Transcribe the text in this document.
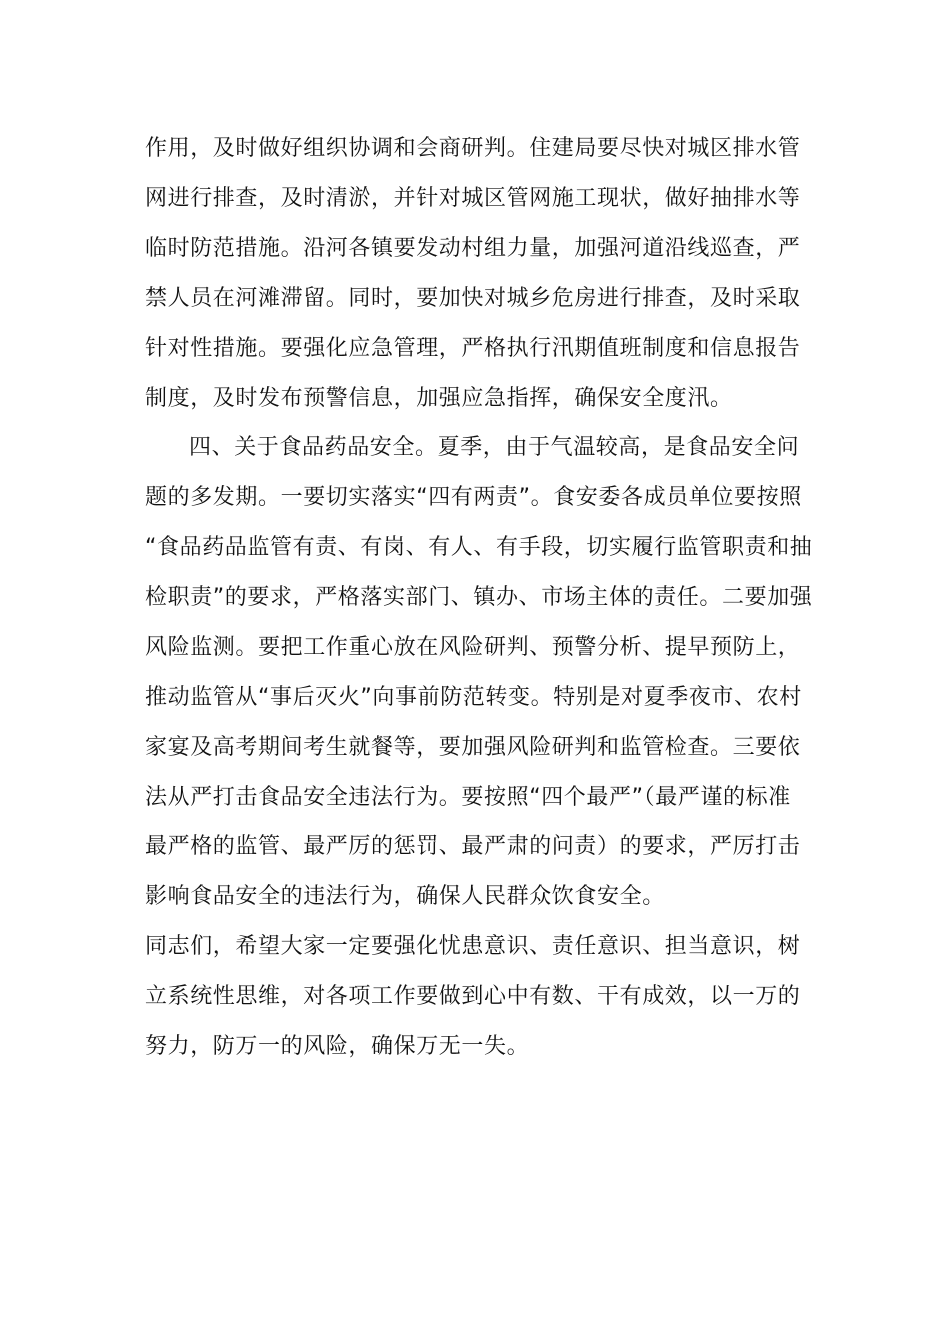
作用，及时做好组织协调和会商研判。住建局要尽快对城区排水管
网进行排查，及时清淤，并针对城区管网施工现状，做好抽排水等
临时防范措施。沿河各镇要发动村组力量，加强河道沿线巡查，严
禁人员在河滩滞留。同时，要加快对城乡危房进行排查，及时采取
针对性措施。要强化应急管理，严格执行汛期值班制度和信息报告
制度，及时发布预警信息，加强应急指挥，确保安全度汛。
四、关于食品药品安全。夏季，由于气温较高，是食品安全问
题的多发期。一要切实落实“四有两责”。食安委各成员单位要按照
“食品药品监管有责、有岗、有人、有手段，切实履行监管职责和抽
检职责”的要求，严格落实部门、镇办、市场主体的责任。二要加强
风险监测。要把工作重心放在风险研判、预警分析、提早预防上，
推动监管从“事后灭火”向事前防范转变。特别是对夏季夜市、农村
家宴及高考期间考生就餐等，要加强风险研判和监管检查。三要依
法从严打击食品安全违法行为。要按照“四个最严”（最严谨的标准
最严格的监管、最严厉的惩罚、最严肃的问责）的要求，严厉打击
影响食品安全的违法行为，确保人民群众饮食安全。
同志们，希望大家一定要强化忧患意识、责任意识、担当意识，树
立系统性思维，对各项工作要做到心中有数、干有成效，以一万的
努力，防万一的风险，确保万无一失。
